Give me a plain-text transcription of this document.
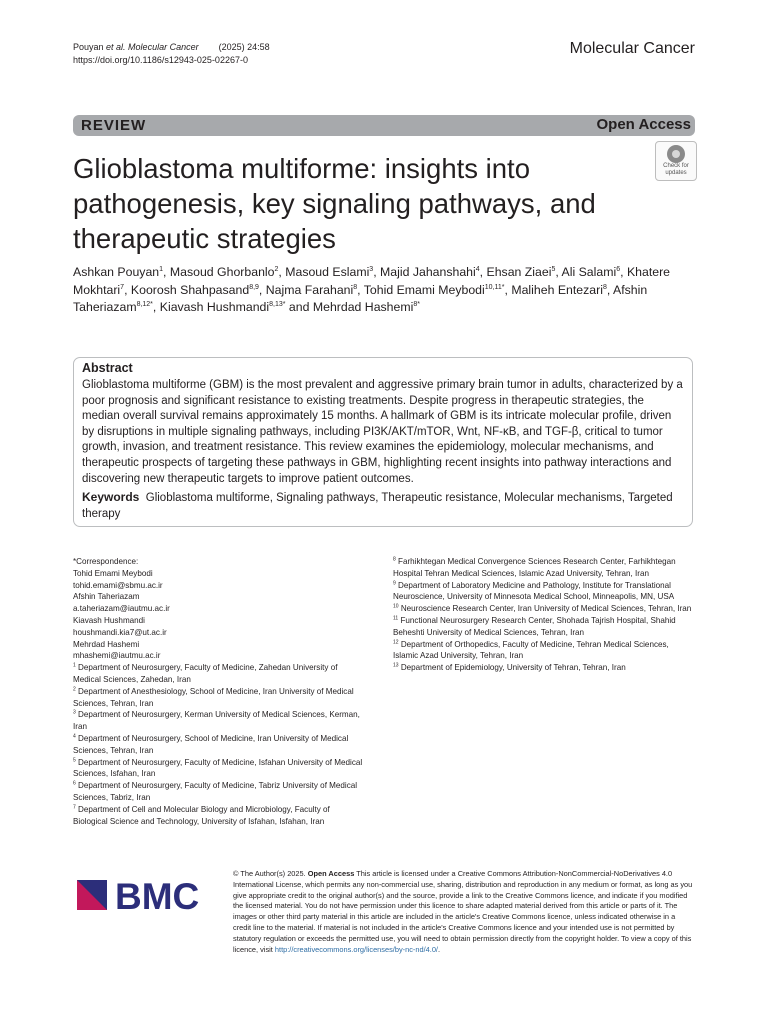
Pouyan et al. Molecular Cancer (2025) 24:58
https://doi.org/10.1186/s12943-025-02267-0
Molecular Cancer
REVIEW	Open Access
Glioblastoma multiforme: insights into pathogenesis, key signaling pathways, and therapeutic strategies
Check for
updates
Ashkan Pouyan$^1$, Masoud Ghorbanlo$^2$, Masoud Eslami$^3$, Majid Jahanshahi$^4$, Ehsan Ziaei$^5$, Ali Salami$^6$, Khatere Mokhtari$^7$, Koorosh Shahpasand$^{8,9}$, Najma Farahani$^8$, Tohid Emami Meybodi$^{10,11*}$, Maliheh Entezari$^8$, Afshin Taheriazam$^{8,12*}$, Kiavash Hushmandi$^{8,13*}$ and Mehrdad Hashemi$^{8*}$
Abstract
Glioblastoma multiforme (GBM) is the most prevalent and aggressive primary brain tumor in adults, characterized by a poor prognosis and significant resistance to existing treatments. Despite progress in therapeutic strategies, the median overall survival remains approximately 15 months. A hallmark of GBM is its intricate molecular profile, driven by disruptions in multiple signaling pathways, including PI3K/AKT/mTOR, Wnt, NF-κB, and TGF-β, critical to tumor growth, invasion, and treatment resistance. This review examines the epidemiology, molecular mechanisms, and therapeutic prospects of targeting these pathways in GBM, highlighting recent insights into pathway interactions and discovering new therapeutic targets to improve patient outcomes.
Keywords Glioblastoma multiforme, Signaling pathways, Therapeutic resistance, Molecular mechanisms, Targeted therapy
*Correspondence:
Tohid Emami Meybodi
tohid.emami@sbmu.ac.ir
Afshin Taheriazam
a.taheriazam@iautmu.ac.ir
Kiavash Hushmandi
houshmandi.kia7@ut.ac.ir
Mehrdad Hashemi
mhashemi@iautmu.ac.ir
$^1$ Department of Neurosurgery, Faculty of Medicine, Zahedan University of Medical Sciences, Zahedan, Iran
$^2$ Department of Anesthesiology, School of Medicine, Iran University of Medical Sciences, Tehran, Iran
$^3$ Department of Neurosurgery, Kerman University of Medical Sciences, Kerman, Iran
$^4$ Department of Neurosurgery, School of Medicine, Iran University of Medical Sciences, Tehran, Iran
$^5$ Department of Neurosurgery, Faculty of Medicine, Isfahan University of Medical Sciences, Isfahan, Iran
$^6$ Department of Neurosurgery, Faculty of Medicine, Tabriz University of Medical Sciences, Tabriz, Iran
$^7$ Department of Cell and Molecular Biology and Microbiology, Faculty of Biological Science and Technology, University of Isfahan, Isfahan, Iran
$^8$ Farhikhtegan Medical Convergence Sciences Research Center, Farhikhtegan Hospital Tehran Medical Sciences, Islamic Azad University, Tehran, Iran
$^9$ Department of Laboratory Medicine and Pathology, Institute for Translational Neuroscience, University of Minnesota Medical School, Minneapolis, MN, USA
$^{10}$ Neuroscience Research Center, Iran University of Medical Sciences, Tehran, Iran
$^{11}$ Functional Neurosurgery Research Center, Shohada Tajrish Hospital, Shahid Beheshti University of Medical Sciences, Tehran, Iran
$^{12}$ Department of Orthopedics, Faculty of Medicine, Tehran Medical Sciences, Islamic Azad University, Tehran, Iran
$^{13}$ Department of Epidemiology, University of Tehran, Tehran, Iran
BMC
© The Author(s) 2025. Open Access This article is licensed under a Creative Commons Attribution-NonCommercial-NoDerivatives 4.0 International License, which permits any non-commercial use, sharing, distribution and reproduction in any medium or format, as long as you give appropriate credit to the original author(s) and the source, provide a link to the Creative Commons licence, and indicate if you modified the licensed material. You do not have permission under this licence to share adapted material derived from this article or parts of it. The images or other third party material in this article are included in the article's Creative Commons licence, unless indicated otherwise in a credit line to the material. If material is not included in the article's Creative Commons licence and your intended use is not permitted by statutory regulation or exceeds the permitted use, you will need to obtain permission directly from the copyright holder. To view a copy of this licence, visit http://creativecommons.org/licenses/by-nc-nd/4.0/.
